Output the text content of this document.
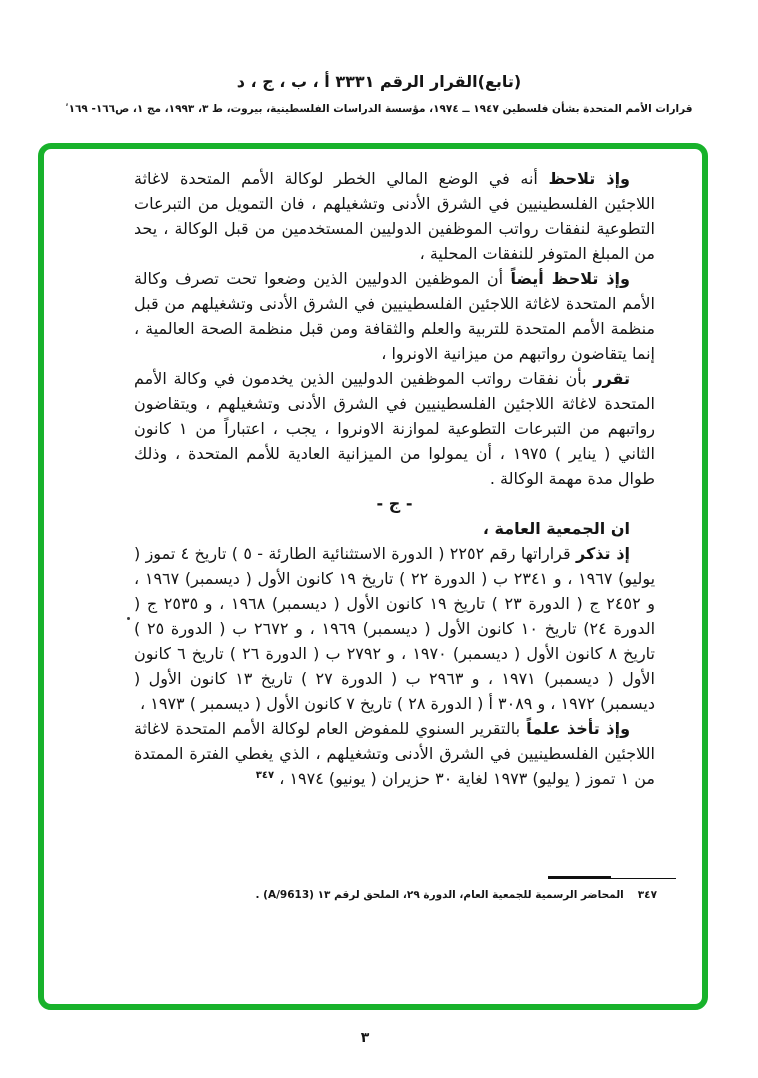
(تابع)القرار الرقم ٣٣٣١ أ ، ب ، ج ، د
قرارات الأمم المتحدة بشأن فلسطين ١٩٤٧ ــ ١٩٧٤، مؤسسة الدراسات الفلسطينية، بيروت، ط ٣، ١٩٩٣، مج ١، ص١٦٦- ١٦٩ʹ

وإذ تلاحظ أنه في الوضع المالي الخطر لوكالة الأمم المتحدة لاغاثة اللاجئين الفلسطينيين في الشرق الأدنى وتشغيلهم ، فان التمويل من التبرعات التطوعية لنفقات رواتب الموظفين الدوليين المستخدمين من قبل الوكالة ، يحد من المبلغ المتوفر للنفقات المحلية ،

وإذ تلاحظ أيضاً أن الموظفين الدوليين الذين وضعوا تحت تصرف وكالة الأمم المتحدة لاغاثة اللاجئين الفلسطينيين في الشرق الأدنى وتشغيلهم من قبل منظمة الأمم المتحدة للتربية والعلم والثقافة ومن قبل منظمة الصحة العالمية ، إنما يتقاضون رواتبهم من ميزانية الاونروا ،

تقرر بأن نفقات رواتب الموظفين الدوليين الذين يخدمون في وكالة الأمم المتحدة لاغاثة اللاجئين الفلسطينيين في الشرق الأدنى وتشغيلهم ، ويتقاضون رواتبهم من التبرعات التطوعية لموازنة الاونروا ، يجب ، اعتباراً من ١ كانون الثاني ( يناير ) ١٩٧٥ ، أن يمولوا من الميزانية العادية للأمم المتحدة ، وذلك طوال مدة مهمة الوكالة .

- ج -

ان الجمعية العامة ،

إذ تذكر قراراتها رقم ٢٢٥٢ ( الدورة الاستثنائية الطارئة - ٥ ) تاريخ ٤ تموز ( يوليو) ١٩٦٧ ، و ٢٣٤١ ب ( الدورة ٢٢ ) تاريخ ١٩ كانون الأول ( ديسمبر) ١٩٦٧ ، و ٢٤٥٢ ج ( الدورة ٢٣ ) تاريخ ١٩ كانون الأول ( ديسمبر) ١٩٦٨ ، و ٢٥٣٥ ج ( الدورة ٢٤) تاريخ ١٠ كانون الأول ( ديسمبر) ١٩٦٩ ، و ٢٦٧٢ ب ( الدورة ٢٥ ) تاريخ ٨ كانون الأول ( ديسمبر) ١٩٧٠ ، و ٢٧٩٢ ب ( الدورة ٢٦ ) تاريخ ٦ كانون الأول ( ديسمبر) ١٩٧١ ، و ٢٩٦٣ ب ( الدورة ٢٧ ) تاريخ ١٣ كانون الأول ( ديسمبر) ١٩٧٢ ، و ٣٠٨٩ أ ( الدورة ٢٨ ) تاريخ ٧ كانون الأول ( ديسمبر ) ١٩٧٣ ،

وإذ تأخذ علماً بالتقرير السنوي للمفوض العام لوكالة الأمم المتحدة لاغاثة اللاجئين الفلسطينيين في الشرق الأدنى وتشغيلهم ، الذي يغطي الفترة الممتدة من ١ تموز ( يوليو) ١٩٧٣ لغاية ٣٠ حزيران ( يونيو) ١٩٧٤ ، $^{٣٤٧}$

٣٤٧المحاضر الرسمية للجمعية العام، الدورة ٢٩، الملحق لرقم ١٣ (A/9613) .
٣
